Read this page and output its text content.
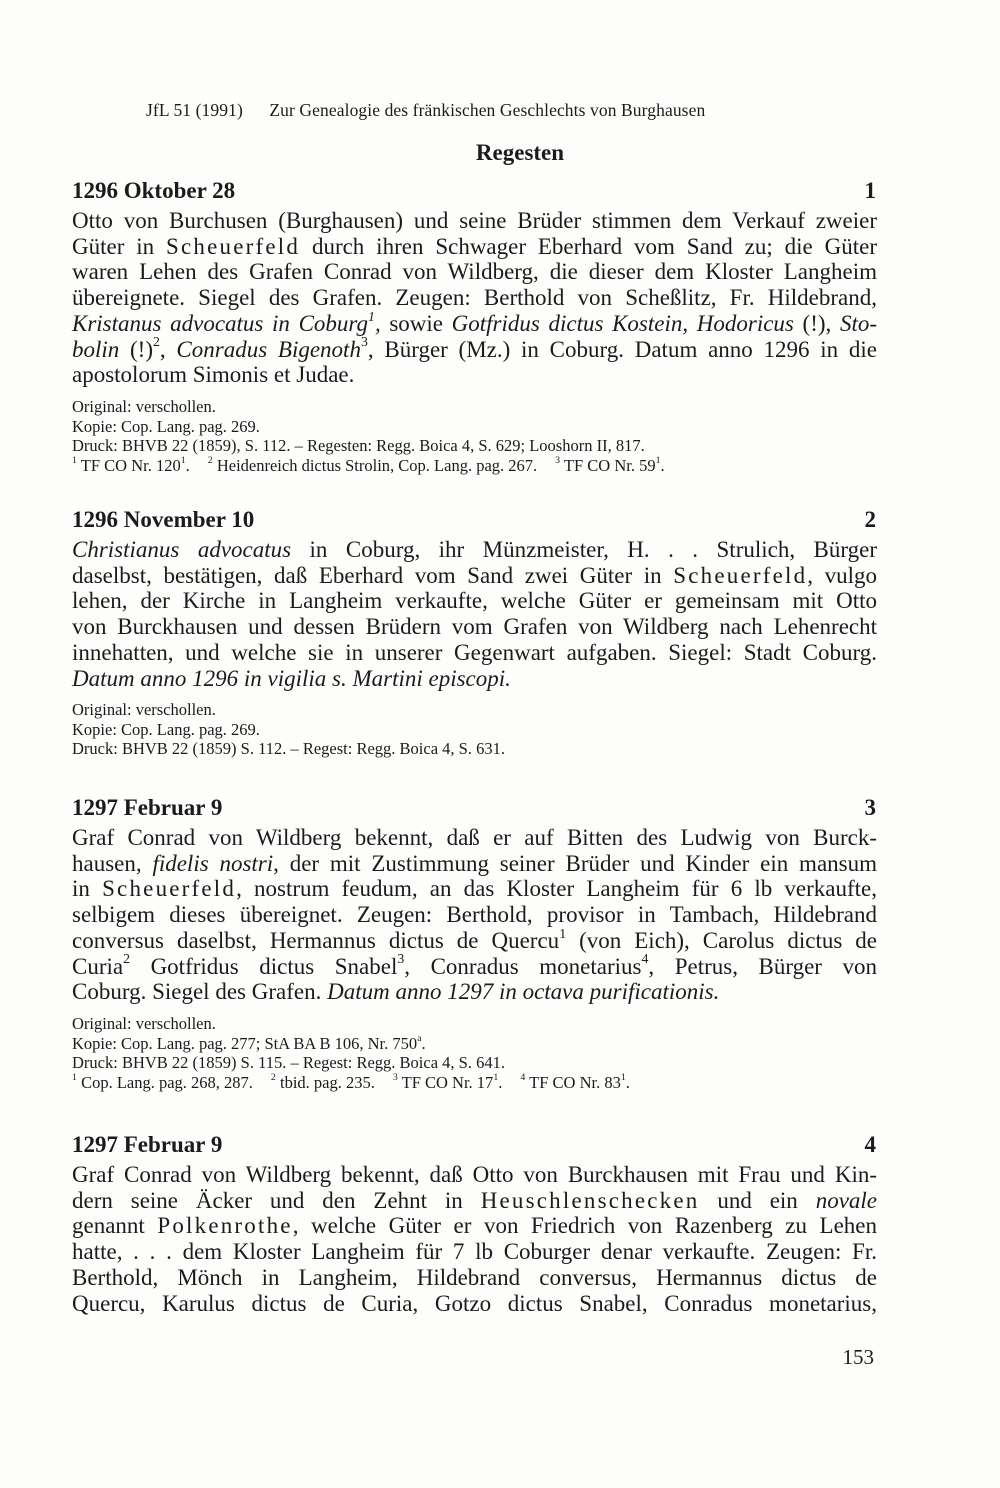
JfL 51 (1991) Zur Genealogie des fränkischen Geschlechts von Burghausen
Regesten
1296 Oktober 28	1
Otto von Burchusen (Burghausen) und seine Brüder stimmen dem Verkauf zweier
Güter in Scheuerfeld durch ihren Schwager Eberhard vom Sand zu; die Güter
waren Lehen des Grafen Conrad von Wildberg, die dieser dem Kloster Langheim
übereignete. Siegel des Grafen. Zeugen: Berthold von Scheßlitz, Fr. Hildebrand,
Kristanus advocatus in Coburg$^1$, sowie Gotfridus dictus Kostein, Hodoricus (!), Sto-
bolin (!)$^2$, Conradus Bigenoth$^3$, Bürger (Mz.) in Coburg. Datum anno 1296 in die
apostolorum Simonis et Judae.
Original: verschollen.
Kopie: Cop. Lang. pag. 269.
Druck: BHVB 22 (1859), S. 112. – Regesten: Regg. Boica 4, S. 629; Looshorn II, 817.
$^1$ TF CO Nr. $120^1$. $^2$ Heidenreich dictus Strolin, Cop. Lang. pag. 267. $^3$ TF CO Nr. $59^1$.
1296 November 10	2
Christianus advocatus in Coburg, ihr Münzmeister, H. . . Strulich, Bürger
daselbst, bestätigen, daß Eberhard vom Sand zwei Güter in Scheuerfeld, vulgo
lehen, der Kirche in Langheim verkaufte, welche Güter er gemeinsam mit Otto
von Burckhausen und dessen Brüdern vom Grafen von Wildberg nach Lehenrecht
innehatten, und welche sie in unserer Gegenwart aufgaben. Siegel: Stadt Coburg.
Datum anno 1296 in vigilia s. Martini episcopi.
Original: verschollen.
Kopie: Cop. Lang. pag. 269.
Druck: BHVB 22 (1859) S. 112. – Regest: Regg. Boica 4, S. 631.
1297 Februar 9	3
Graf Conrad von Wildberg bekennt, daß er auf Bitten des Ludwig von Burck-
hausen, fidelis nostri, der mit Zustimmung seiner Brüder und Kinder ein mansum
in Scheuerfeld, nostrum feudum, an das Kloster Langheim für 6 lb verkaufte,
selbigem dieses übereignet. Zeugen: Berthold, provisor in Tambach, Hildebrand
conversus daselbst, Hermannus dictus de Quercu$^1$ (von Eich), Carolus dictus de
Curia$^2$ Gotfridus dictus Snabel$^3$, Conradus monetarius$^4$, Petrus, Bürger von
Coburg. Siegel des Grafen. Datum anno 1297 in octava purificationis.
Original: verschollen.
Kopie: Cop. Lang. pag. 277; StA BA B 106, Nr. 750$^a$.
Druck: BHVB 22 (1859) S. 115. – Regest: Regg. Boica 4, S. 641.
$^1$ Cop. Lang. pag. 268, 287. $^2$ tbid. pag. 235. $^3$ TF CO Nr. $17^1$. $^4$ TF CO Nr. $83^1$.
1297 Februar 9	4
Graf Conrad von Wildberg bekennt, daß Otto von Burckhausen mit Frau und Kin-
dern seine Äcker und den Zehnt in Heuschlenschecken und ein novale
genannt Polkenrothe, welche Güter er von Friedrich von Razenberg zu Lehen
hatte, . . . dem Kloster Langheim für 7 lb Coburger denar verkaufte. Zeugen: Fr.
Berthold, Mönch in Langheim, Hildebrand conversus, Hermannus dictus de
Quercu, Karulus dictus de Curia, Gotzo dictus Snabel, Conradus monetarius,
153
